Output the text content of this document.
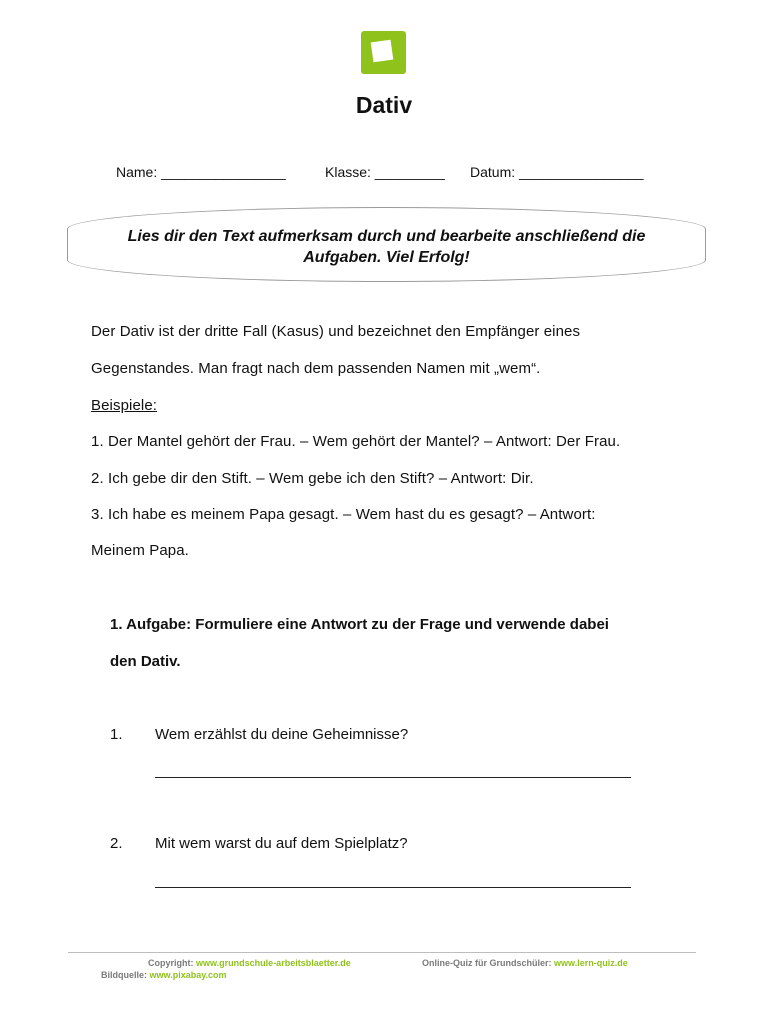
Dativ
Name: ________________	Klasse: _________ Datum: ________________
Lies dir den Text aufmerksam durch und bearbeite anschließend die
Aufgaben. Viel Erfolg!
Der Dativ ist der dritte Fall (Kasus) und bezeichnet den Empfänger eines
Gegenstandes. Man fragt nach dem passenden Namen mit „wem“.
Beispiele:
1. Der Mantel gehört der Frau. – Wem gehört der Mantel? – Antwort: Der Frau.
2. Ich gebe dir den Stift. – Wem gebe ich den Stift? – Antwort: Dir.
3. Ich habe es meinem Papa gesagt. – Wem hast du es gesagt? – Antwort:
Meinem Papa.
1. Aufgabe: Formuliere eine Antwort zu der Frage und verwende dabei
den Dativ.
1. Wem erzählst du deine Geheimnisse?
2. Mit wem warst du auf dem Spielplatz?
Copyright: www.grundschule-arbeitsblaetter.de	Online-Quiz für Grundschüler: www.lern-quiz.de
Bildquelle: www.pixabay.com
